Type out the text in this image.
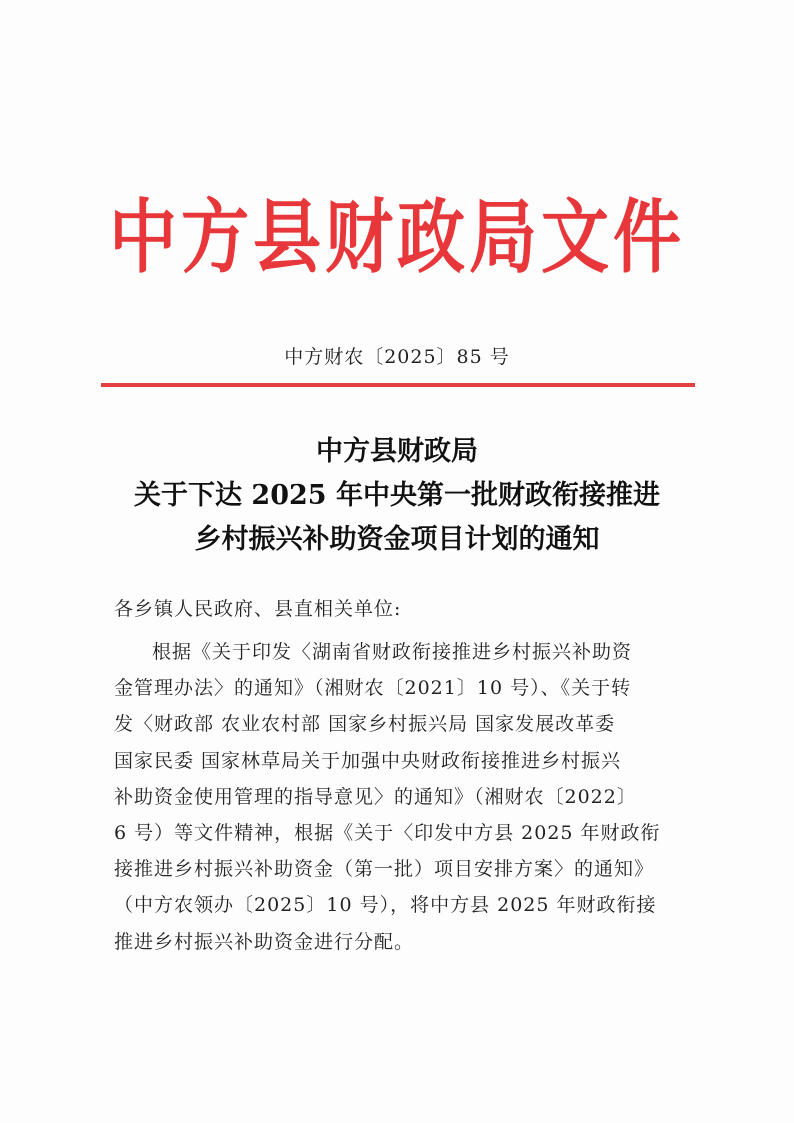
中方县财政局文件
中方财农〔2025〕85 号
中方县财政局
关于下达 2025 年中央第一批财政衔接推进
乡村振兴补助资金项目计划的通知
各乡镇人民政府、县直相关单位:
根据《关于印发〈湖南省财政衔接推进乡村振兴补助资
金管理办法〉的通知》（湘财农〔2021〕10 号）、《关于转
发〈财政部 农业农村部 国家乡村振兴局 国家发展改革委
国家民委 国家林草局关于加强中央财政衔接推进乡村振兴
补助资金使用管理的指导意见〉的通知》（湘财农〔2022〕
6 号）等文件精神，根据《关于〈印发中方县 2025 年财政衔
接推进乡村振兴补助资金（第一批）项目安排方案〉的通知》
（中方农领办〔2025〕10 号），将中方县 2025 年财政衔接
推进乡村振兴补助资金进行分配。
